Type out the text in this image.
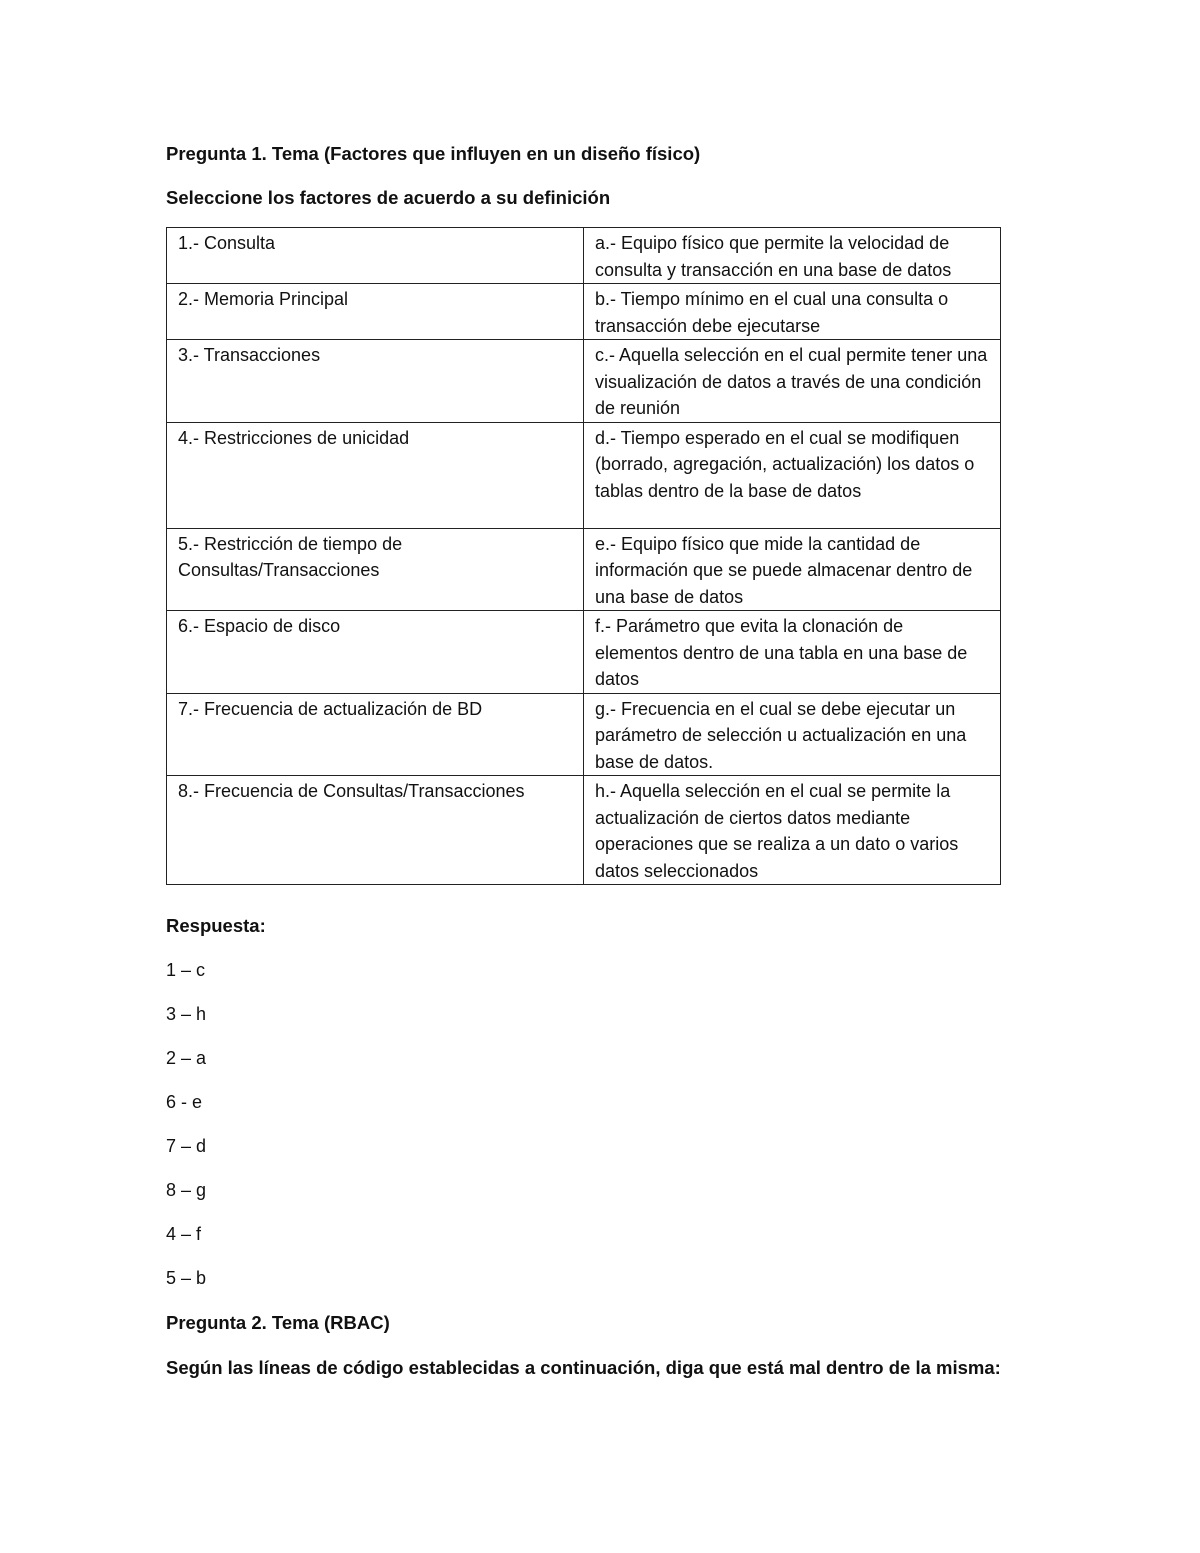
Pregunta 1. Tema (Factores que influyen en un diseño físico)
Seleccione los factores de acuerdo a su definición
1.- Consulta	a.- Equipo físico que permite la velocidad de consulta y transacción en una base de datos
2.- Memoria Principal	b.- Tiempo mínimo en el cual una consulta o transacción debe ejecutarse
3.- Transacciones	c.- Aquella selección en el cual permite tener una visualización de datos a través de una condición de reunión
4.- Restricciones de unicidad	d.- Tiempo esperado en el cual se modifiquen (borrado, agregación, actualización) los datos o tablas dentro de la base de datos
5.- Restricción de tiempo de Consultas/Transacciones	e.- Equipo físico que mide la cantidad de información que se puede almacenar dentro de una base de datos
6.- Espacio de disco	f.- Parámetro que evita la clonación de elementos dentro de una tabla en una base de datos
7.- Frecuencia de actualización de BD	g.- Frecuencia en el cual se debe ejecutar un parámetro de selección u actualización en una base de datos.
8.- Frecuencia de Consultas/Transacciones	h.- Aquella selección en el cual se permite la actualización de ciertos datos mediante operaciones que se realiza a un dato o varios datos seleccionados
Respuesta:
1 – c
3 – h
2 – a
6 - e
7 – d
8 – g
4 – f
5 – b
Pregunta 2. Tema (RBAC)
Según las líneas de código establecidas a continuación, diga que está mal dentro de la misma:
